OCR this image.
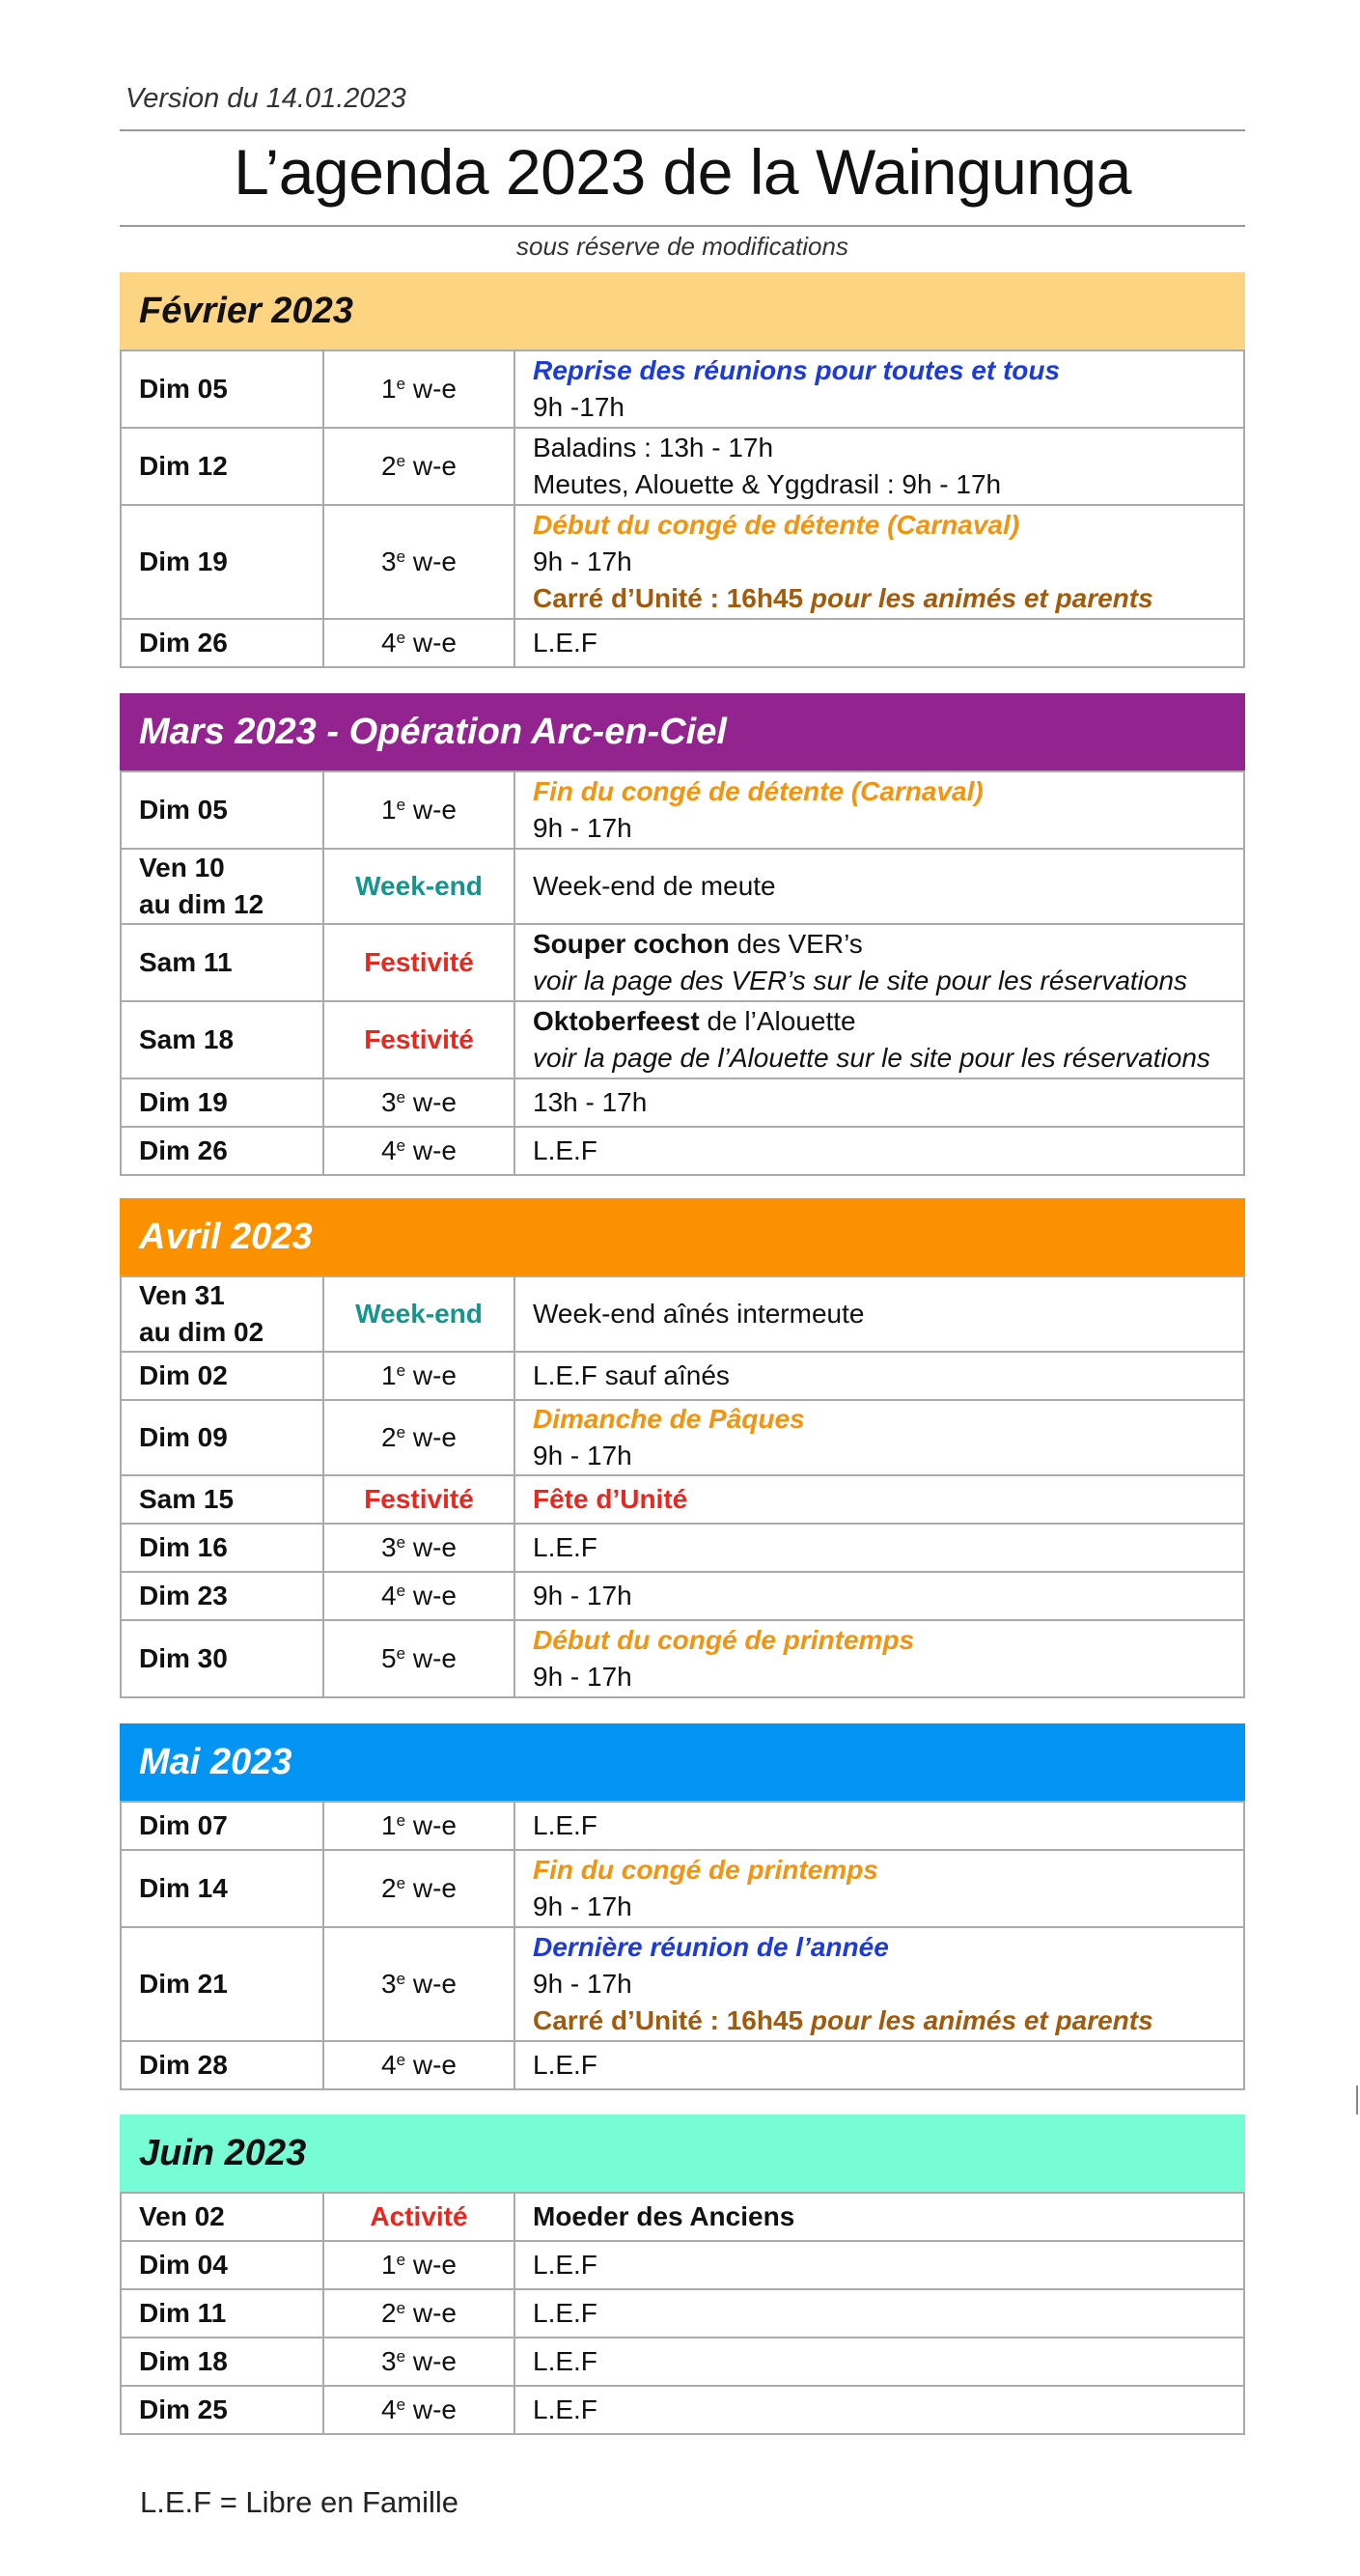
Version du 14.01.2023
L’agenda 2023 de la Waingunga
sous réserve de modifications
Février 2023
Dim 05	1e w-e	Reprise des réunions pour toutes et tous
9h -17h

Dim 12	2e w-e	Baladins : 13h - 17h
Meutes, Alouette & Yggdrasil : 9h - 17h

Dim 19	3e w-e	Début du congé de détente (Carnaval)
9h - 17h
Carré d’Unité : 16h45 pour les animés et parents

Dim 26	4e w-e	L.E.F
Mars 2023 - Opération Arc-en-Ciel
Dim 05	1e w-e	Fin du congé de détente (Carnaval)
9h - 17h

Ven 10
au dim 12	Week-end	Week-end de meute
Sam 11	Festivité	Souper cochon des VER’s
voir la page des VER’s sur le site pour les réservations

Sam 18	Festivité	Oktoberfeest de l’Alouette
voir la page de l’Alouette sur le site pour les réservations

Dim 19	3e w-e	13h - 17h
Dim 26	4e w-e	L.E.F
Avril 2023
Ven 31
au dim 02	Week-end	Week-end aînés intermeute
Dim 02	1e w-e	L.E.F sauf aînés
Dim 09	2e w-e	Dimanche de Pâques
9h - 17h

Sam 15	Festivité	Fête d’Unité
Dim 16	3e w-e	L.E.F
Dim 23	4e w-e	9h - 17h
Dim 30	5e w-e	Début du congé de printemps
9h - 17h
Mai 2023
Dim 07	1e w-e	L.E.F
Dim 14	2e w-e	Fin du congé de printemps
9h - 17h

Dim 21	3e w-e	Dernière réunion de l’année
9h - 17h
Carré d’Unité : 16h45 pour les animés et parents

Dim 28	4e w-e	L.E.F
Juin 2023
Ven 02	Activité	Moeder des Anciens
Dim 04	1e w-e	L.E.F
Dim 11	2e w-e	L.E.F
Dim 18	3e w-e	L.E.F
Dim 25	4e w-e	L.E.F
L.E.F = Libre en Famille
